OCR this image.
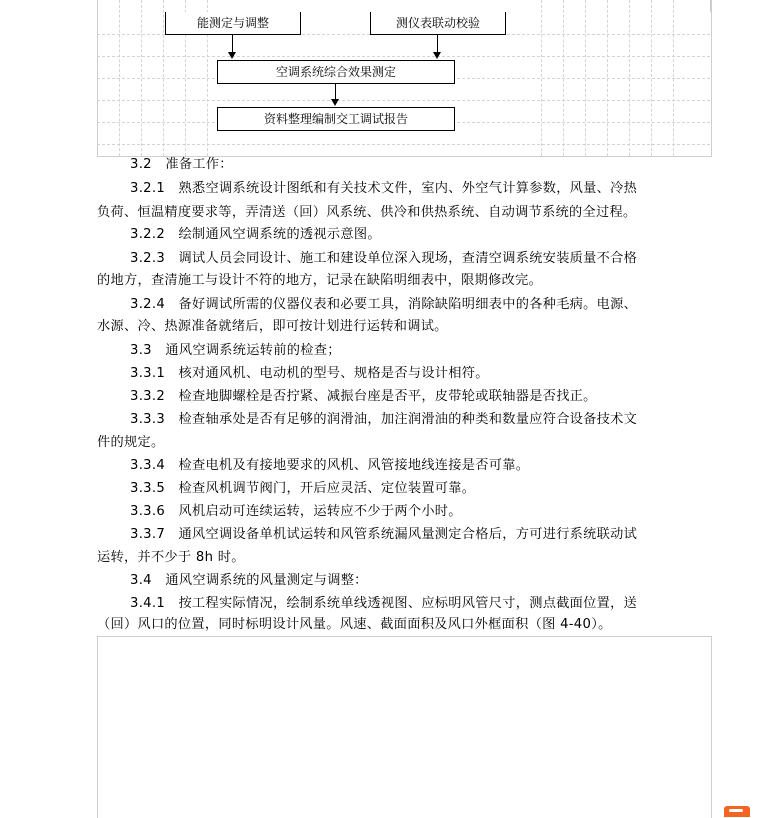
能测定与调整	测仪表联动校验
空调系统综合效果测定
资料整理编制交工调试报告
3.2　准备工作：
3.2.1　熟悉空调系统设计图纸和有关技术文件，室内、外空气计算参数，风量、冷热
负荷、恒温精度要求等，弄清送（回）风系统、供冷和供热系统、自动调节系统的全过程。
3.2.2　绘制通风空调系统的透视示意图。
3.2.3　调试人员会同设计、施工和建设单位深入现场，查清空调系统安装质量不合格
的地方，查清施工与设计不符的地方，记录在缺陷明细表中，限期修改完。
3.2.4　备好调试所需的仪器仪表和必要工具，消除缺陷明细表中的各种毛病。电源、
水源、冷、热源准备就绪后，即可按计划进行运转和调试。
3.3　通风空调系统运转前的检查；
3.3.1　核对通风机、电动机的型号、规格是否与设计相符。
3.3.2　检查地脚螺栓是否拧紧、减振台座是否平，皮带轮或联轴器是否找正。
3.3.3　检查轴承处是否有足够的润滑油，加注润滑油的种类和数量应符合设备技术文
件的规定。
3.3.4　检查电机及有接地要求的风机、风管接地线连接是否可靠。
3.3.5　检查风机调节阀门，开后应灵活、定位装置可靠。
3.3.6　风机启动可连续运转，运转应不少于两个小时。
3.3.7　通风空调设备单机试运转和风管系统漏风量测定合格后，方可进行系统联动试
运转，并不少于 8h 时。
3.4　通风空调系统的风量测定与调整：
3.4.1　按工程实际情况，绘制系统单线透视图、应标明风管尺寸，测点截面位置，送
（回）风口的位置，同时标明设计风量。风速、截面面积及风口外框面积（图 4-40）。
